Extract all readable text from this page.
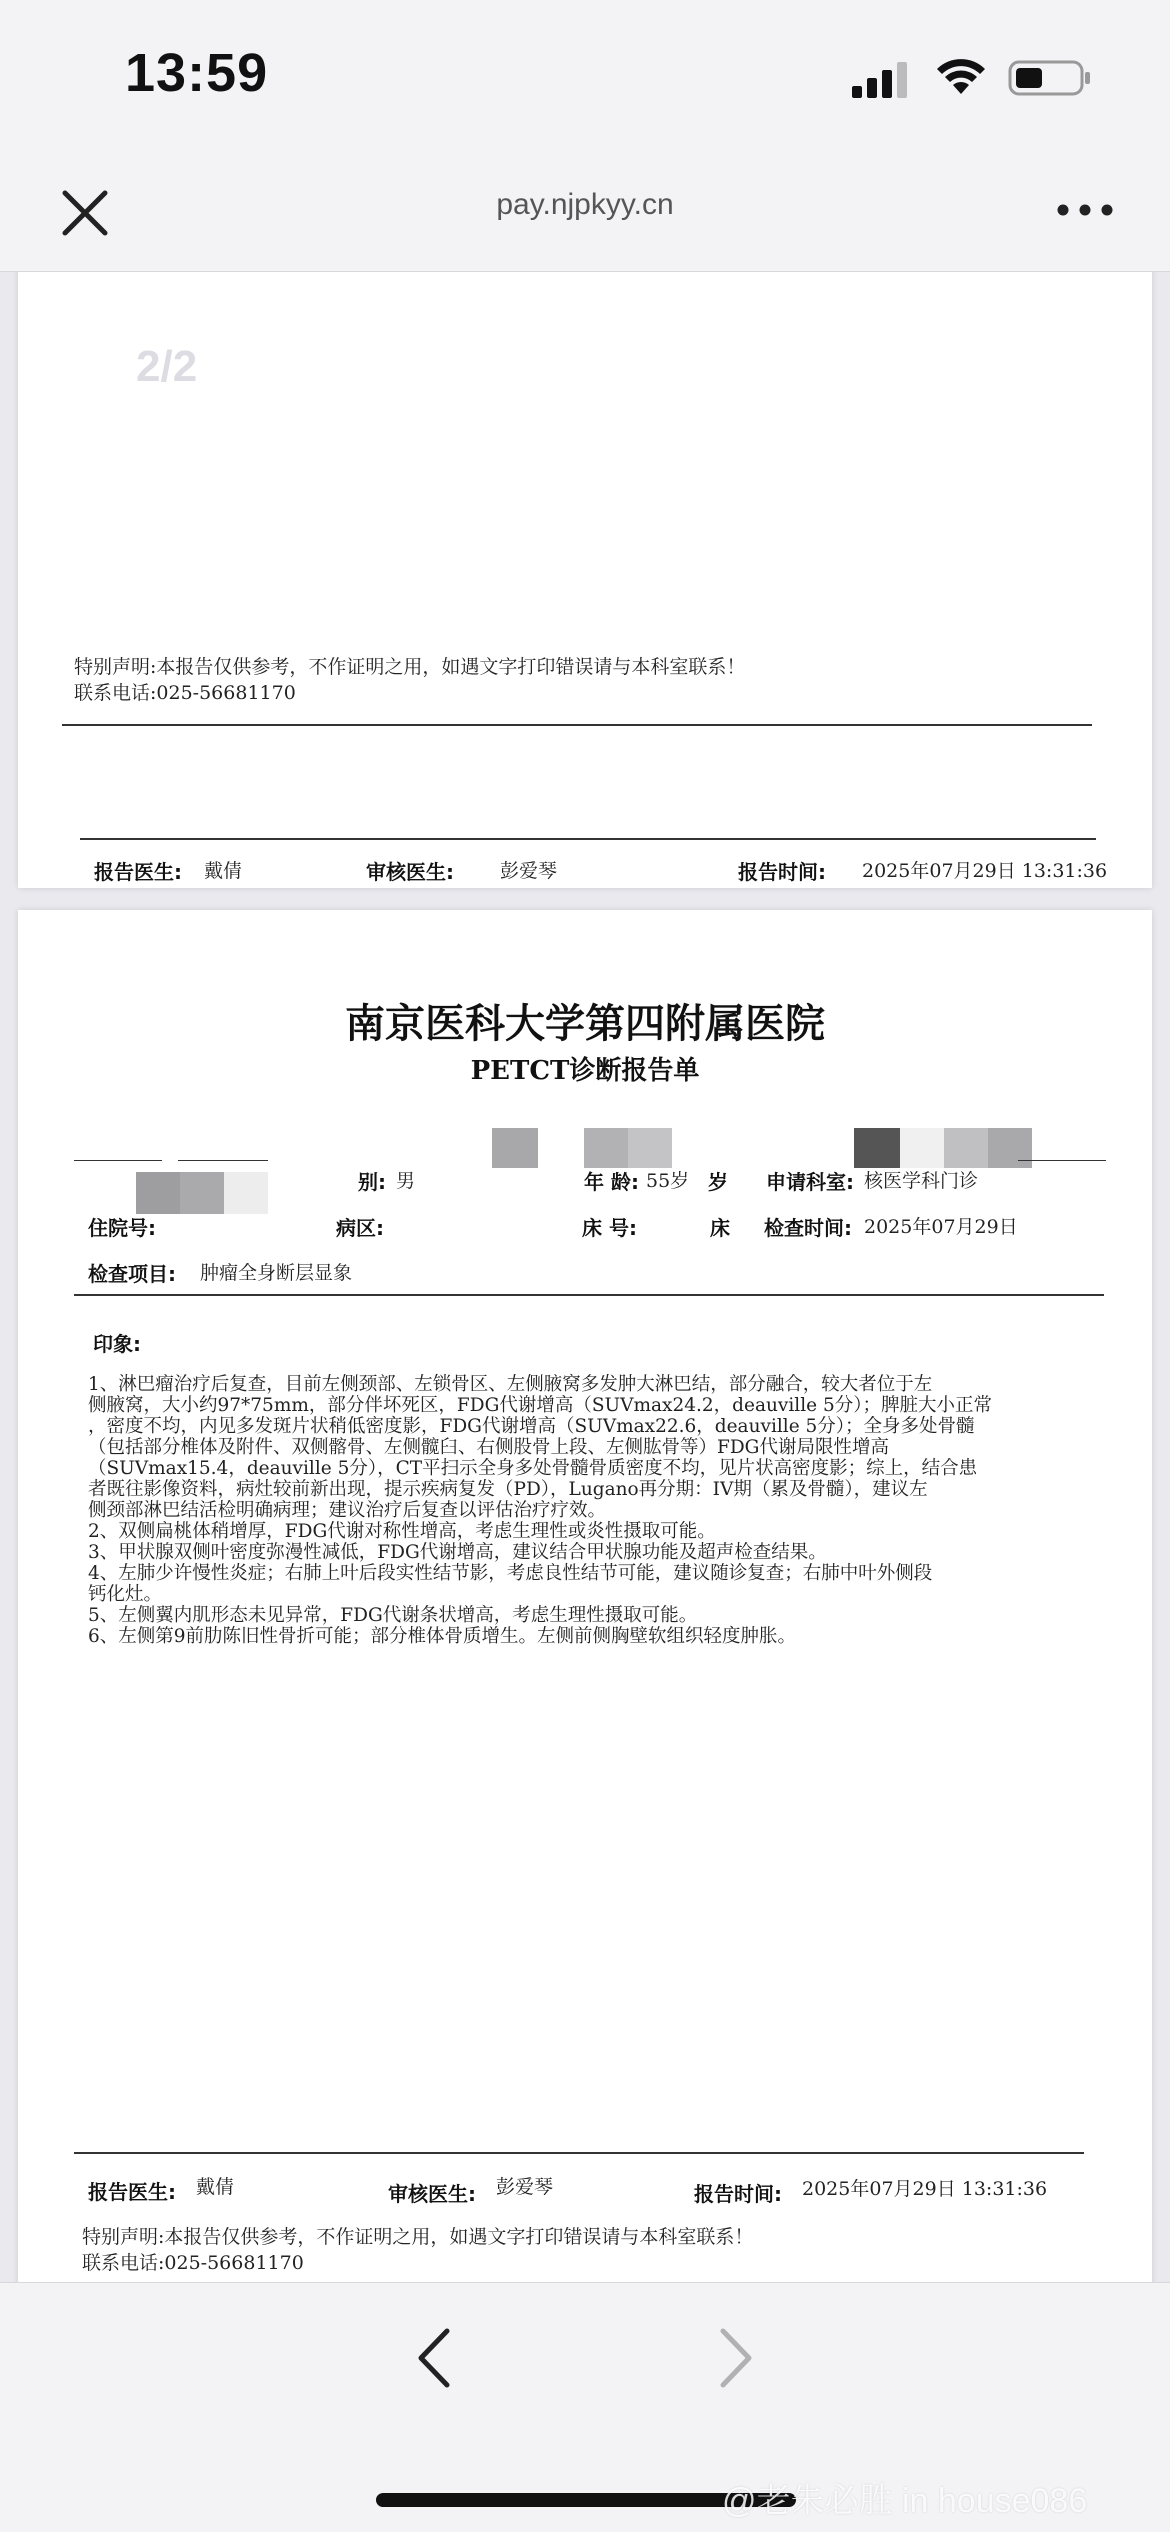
13:59
pay.njpkyy.cn
2/2
报告医生: 戴倩	审核医生: 彭爱琴	报告时间: 2025年07月29日 13:31:36
特别声明:本报告仅供参考，不作证明之用，如遇文字打印错误请与本科室联系！
联系电话:025-56681170
南京医科大学第四附属医院
PETCT诊断报告单
别: 男	年 龄: 55岁 岁 申请科室: 核医学科门诊
住院号:	病区:	床 号:	床 检查时间: 2025年07月29日
检查项目: 肿瘤全身断层显象
印象:
1、淋巴瘤治疗后复查，目前左侧颈部、左锁骨区、左侧腋窝多发肿大淋巴结，部分融合，较大者位于左
侧腋窝，大小约97*75mm，部分伴坏死区，FDG代谢增高（SUVmax24.2，deauville 5分）；脾脏大小正常
，密度不均，内见多发斑片状稍低密度影，FDG代谢增高（SUVmax22.6，deauville 5分）；全身多处骨髓
（包括部分椎体及附件、双侧髂骨、左侧髋臼、右侧股骨上段、左侧肱骨等）FDG代谢局限性增高
（SUVmax15.4，deauville 5分），CT平扫示全身多处骨髓骨质密度不均，见片状高密度影；综上，结合患
者既往影像资料，病灶较前新出现，提示疾病复发（PD），Lugano再分期：IV期（累及骨髓），建议左
侧颈部淋巴结活检明确病理；建议治疗后复查以评估治疗疗效。
2、双侧扁桃体稍增厚，FDG代谢对称性增高，考虑生理性或炎性摄取可能。
3、甲状腺双侧叶密度弥漫性减低，FDG代谢增高，建议结合甲状腺功能及超声检查结果。
4、左肺少许慢性炎症；右肺上叶后段实性结节影，考虑良性结节可能，建议随诊复查；右肺中叶外侧段
钙化灶。
5、左侧翼内肌形态未见异常，FDG代谢条状增高，考虑生理性摄取可能。
6、左侧第9前肋陈旧性骨折可能；部分椎体骨质增生。左侧前侧胸壁软组织轻度肿胀。
报告医生: 戴倩	审核医生: 彭爱琴	报告时间: 2025年07月29日 13:31:36
特别声明:本报告仅供参考，不作证明之用，如遇文字打印错误请与本科室联系！
联系电话:025-56681170
@老朱必胜 in house086
